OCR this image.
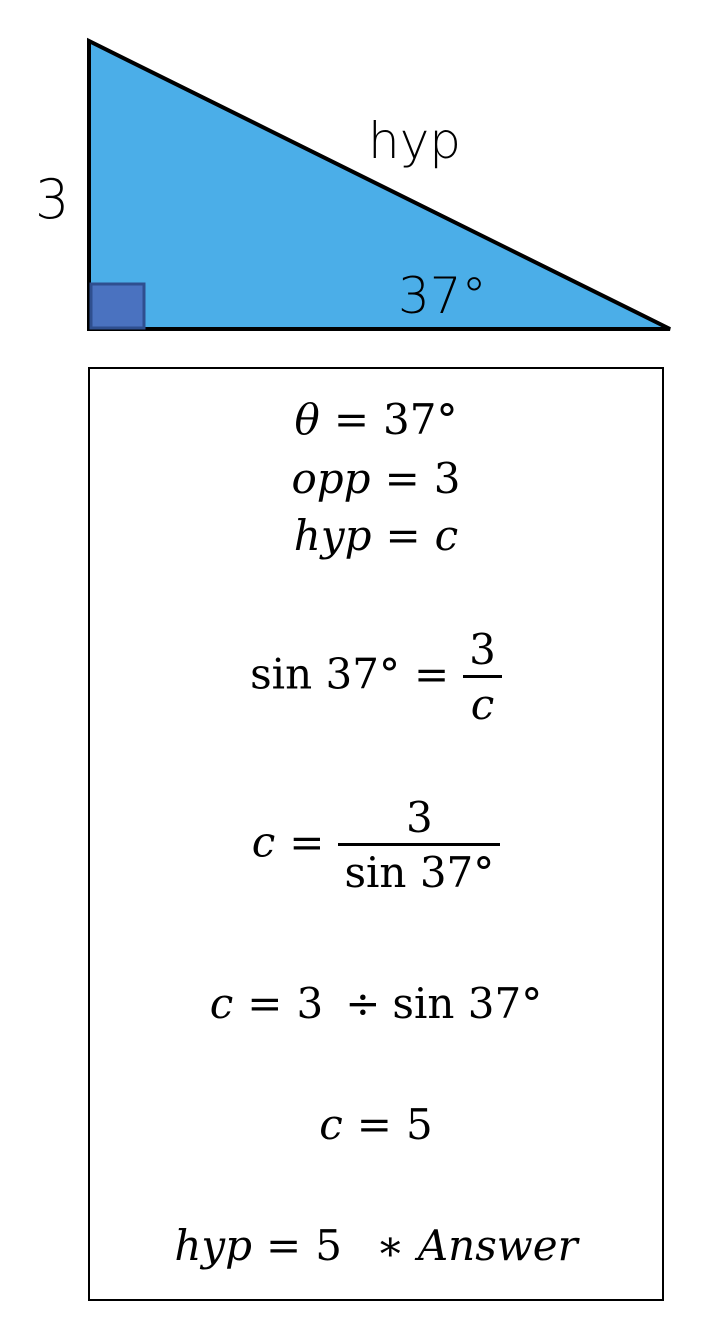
3
hyp
37°
θ = 37°
opp = 3
hyp = c
$\sin 37^\circ = \frac{3}{c}$
$c = \frac{3}{\sin 37^\circ}$
c = 3 ÷ sin 37°
c = 5
hyp = 5 ∗ Answer
